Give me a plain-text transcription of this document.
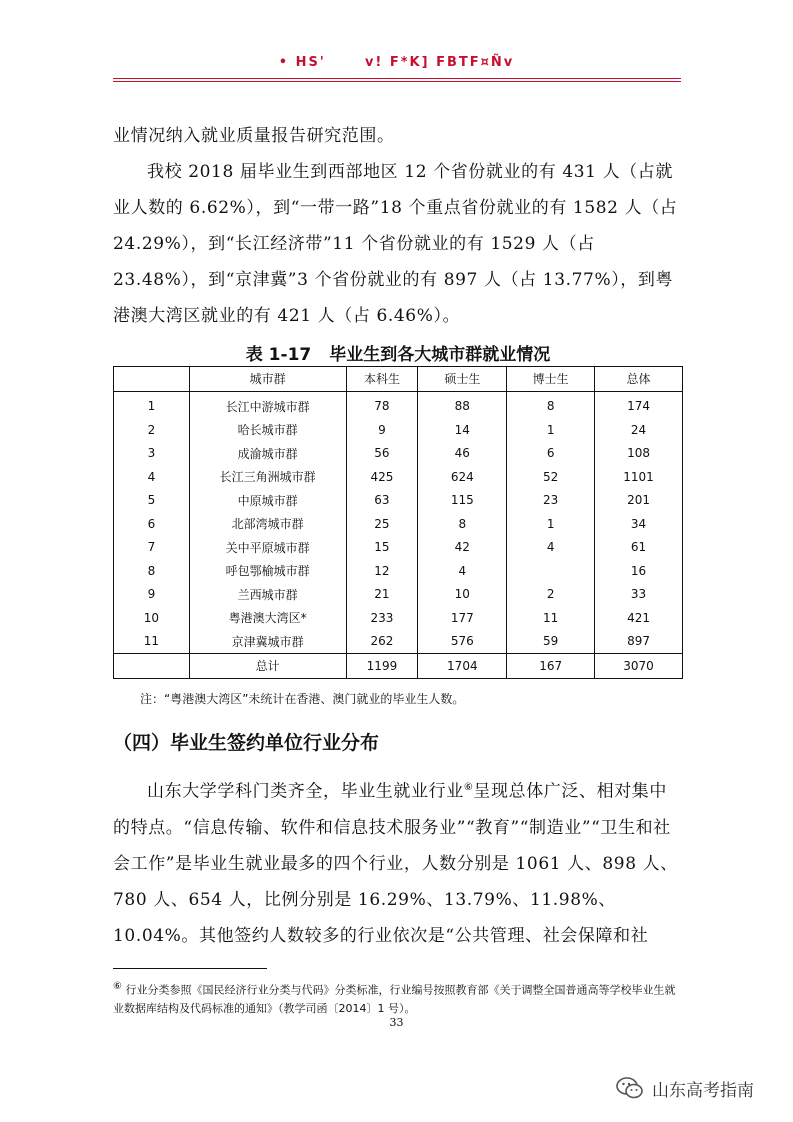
• HS'      v! F*K] FBTF¤Ñv
业情况纳入就业质量报告研究范围。
我校 2018 届毕业生到西部地区 12 个省份就业的有 431 人（占就业人数的 6.62%），到“一带一路”18 个重点省份就业的有 1582 人（占 24.29%），到“长江经济带”11 个省份就业的有 1529 人（占 23.48%），到“京津冀”3 个省份就业的有 897 人（占 13.77%），到粤港澳大湾区就业的有 421 人（占 6.46%）。
表 1-17 毕业生到各大城市群就业情况
	城市群	本科生	硕士生	博士生	总体
1	长江中游城市群	78	88	8	174
2	哈长城市群	9	14	1	24
3	成渝城市群	56	46	6	108
4	长江三角洲城市群	425	624	52	1101
5	中原城市群	63	115	23	201
6	北部湾城市群	25	8	1	34
7	关中平原城市群	15	42	4	61
8	呼包鄂榆城市群	12	4		16
9	兰西城市群	21	10	2	33
10	粤港澳大湾区*	233	177	11	421
11	京津冀城市群	262	576	59	897
	总计	1199	1704	167	3070
注：“粤港澳大湾区”未统计在香港、澳门就业的毕业生人数。
（四）毕业生签约单位行业分布
山东大学学科门类齐全，毕业生就业行业⑥呈现总体广泛、相对集中的特点。“信息传输、软件和信息技术服务业”“教育”“制造业”“卫生和社会工作”是毕业生就业最多的四个行业，人数分别是 1061 人、898 人、780 人、654 人，比例分别是 16.29%、13.79%、11.98%、10.04%。其他签约人数较多的行业依次是“公共管理、社会保障和社
⑥ 行业分类参照《国民经济行业分类与代码》分类标准，行业编号按照教育部《关于调整全国普通高等学校毕业生就业数据库结构及代码标准的通知》（教学司函〔2014〕1 号）。
33
山东高考指南
